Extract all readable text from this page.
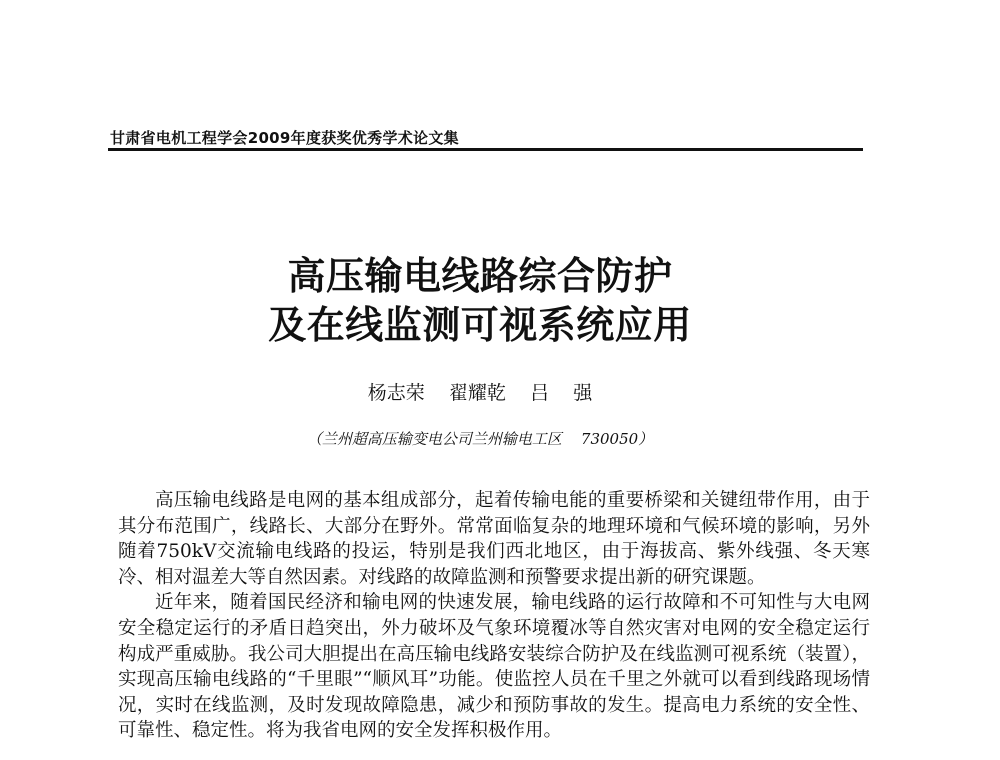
甘肃省电机工程学会2009年度获奖优秀学术论文集
高压输电线路综合防护
及在线监测可视系统应用
杨志荣    翟耀乾    吕    强
（兰州超高压输变电公司兰州输电工区    730050）

高压输电线路是电网的基本组成部分，起着传输电能的重要桥梁和关键纽带作用，由于其分布范围广，线路长、大部分在野外。常常面临复杂的地理环境和气候环境的影响，另外随着750kV交流输电线路的投运，特别是我们西北地区，由于海拔高、紫外线强、冬天寒冷、相对温差大等自然因素。对线路的故障监测和预警要求提出新的研究课题。

近年来，随着国民经济和输电网的快速发展，输电线路的运行故障和不可知性与大电网安全稳定运行的矛盾日趋突出，外力破坏及气象环境覆冰等自然灾害对电网的安全稳定运行构成严重威胁。我公司大胆提出在高压输电线路安装综合防护及在线监测可视系统（装置），实现高压输电线路的“千里眼”“顺风耳”功能。使监控人员在千里之外就可以看到线路现场情况，实时在线监测，及时发现故障隐患，减少和预防事故的发生。提高电力系统的安全性、可靠性、稳定性。将为我省电网的安全发挥积极作用。
